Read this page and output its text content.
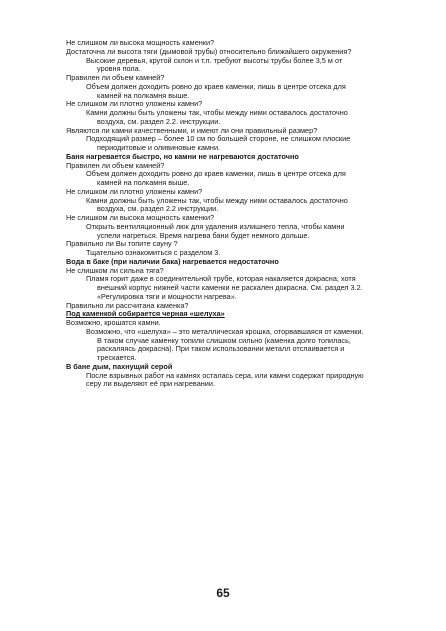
Не слишком ли высока мощность каменки?
Достаточна ли высота тяги (дымовой трубы) относительно ближайшего окружения?
Высокие деревья, крутой склон и т.п. требуют высоты трубы более 3,5 м от
уровня пола.
Правилен ли объем камней?
Объем должен доходить ровно до краев каменки, лишь в центре отсека для
камней на полкамня выше.
Не слишком ли плотно уложены камни?
Камни должны быть уложены так, чтобы между ними оставалось достаточно
воздуха, см. раздел 2.2. инструкции.
Являются ли камни качественными, и имеют ли они правильный размер?
Подходящий размер – более 10 см по большей стороне, не слишком плоские
периодитовые и оливиновые камни.
Баня нагревается быстро, но камни не нагреваются достаточно
Правилен ли объем камней?
Объем должен доходить ровно до краев каменки, лишь в центре отсека для
камней на полкамня выше.
Не слишком ли плотно уложены камни?
Камни должны быть уложены так, чтобы между ними оставалось достаточно
воздуха, см. раздел 2.2 инструкции.
Не слишком ли высока мощность каменки?
Открыть вентиляционный люк для удаления излишнего тепла, чтобы камни
успели нагреться. Время нагрева бани будет немного дольше.
Правильно ли Вы топите сауну ?
Тщательно ознакомиться с разделом 3.
Вода в баке (при наличии бака) нагревается недостаточно
Не слишком ли сильна тяга?
Пламя горит даже в соединительной трубе, которая накаляется докрасна, хотя
внешний корпус нижней части каменки не раскален докрасна. См. раздел 3.2.
«Регулировка тяги и мощности нагрева».
Правильно ли рассчитана каменка?
Под каменкой собирается черная «шелуха»
Возможно, крошатся камни.
Возможно, что «шелуха» – это металлическая крошка, оторвавшаяся от каменки.
В таком случае каменку топили слишком сильно (каменка долго топилась,
раскаляясь докрасна). При таком использовании металл отслаивается и
трескается.
В бане дым, пахнущий серой
После взрывных работ на камнях осталась сера, или камни содержат природную
серу ли выделяют её при нагревании.
65
